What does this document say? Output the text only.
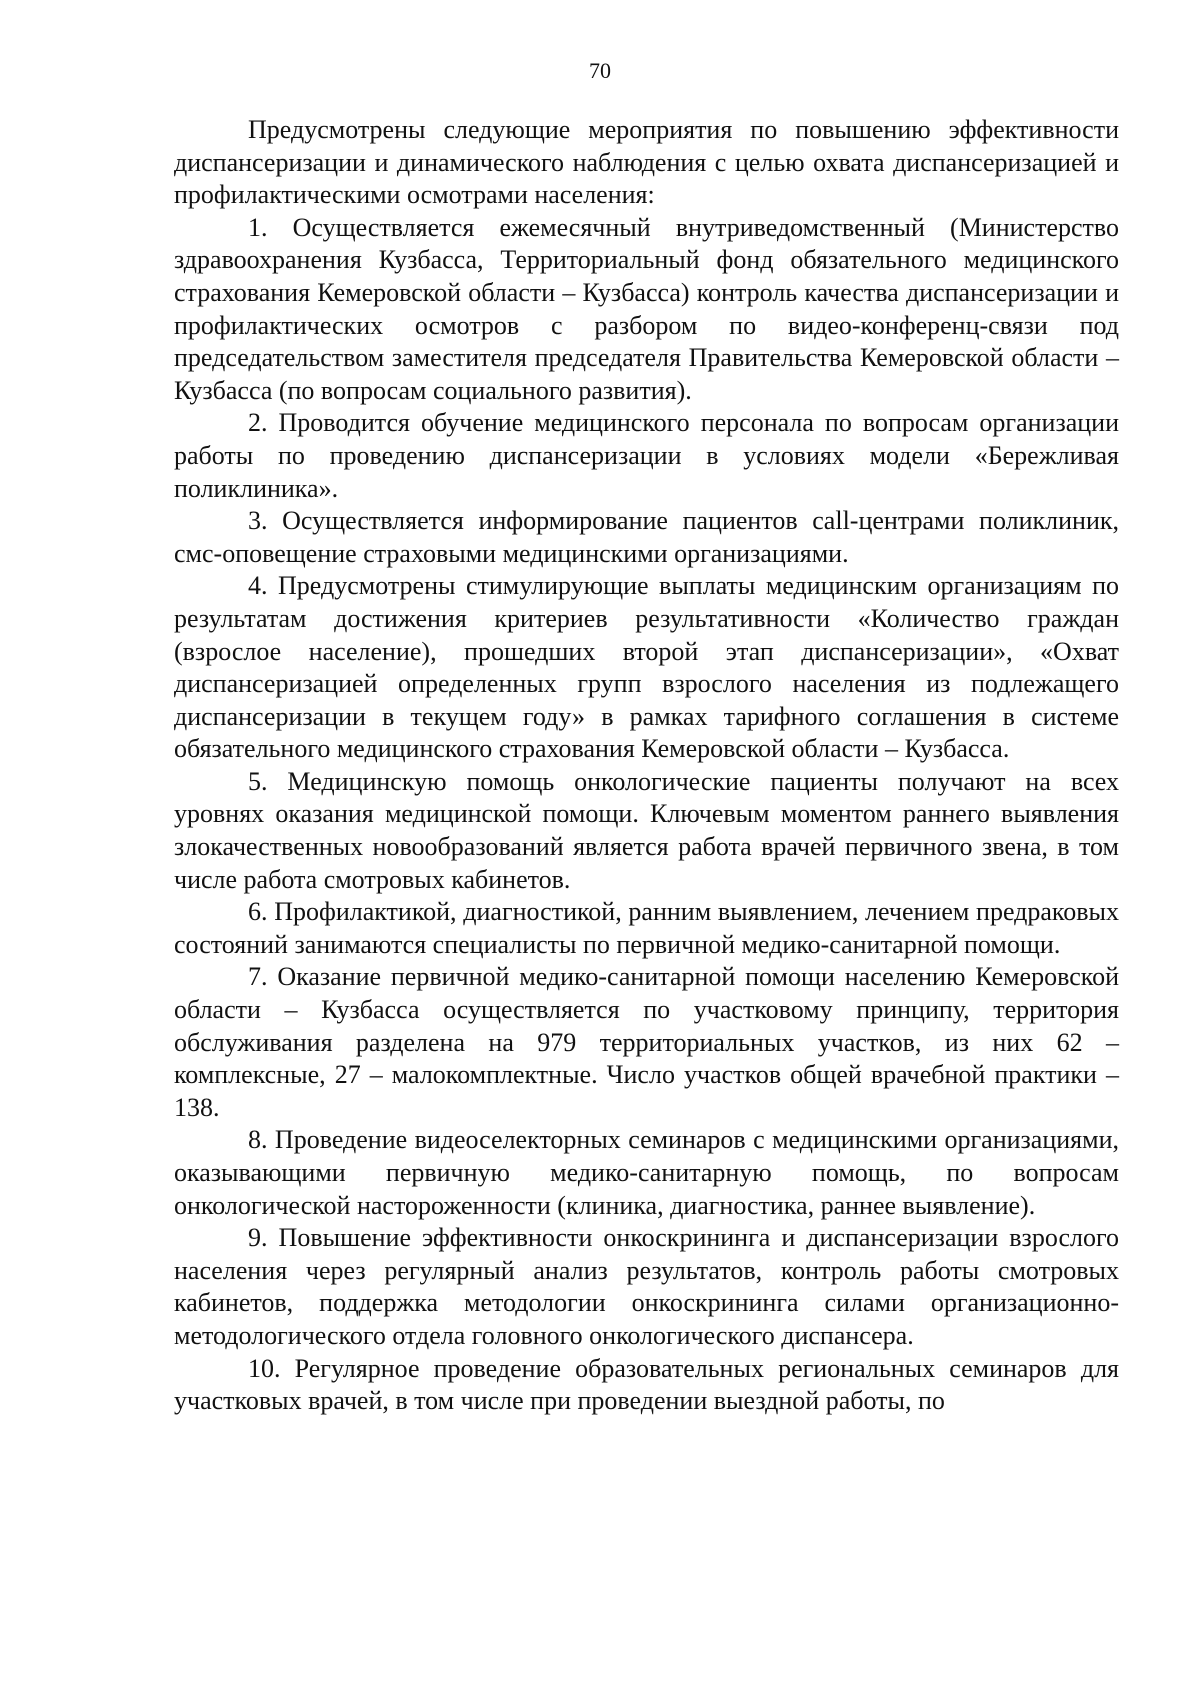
70

Предусмотрены следующие мероприятия по повышению эффективности диспансеризации и динамического наблюдения с целью охвата диспансеризацией и профилактическими осмотрами населения:

1. Осуществляется ежемесячный внутриведомственный (Министерство здравоохранения Кузбасса, Территориальный фонд обязательного медицинского страхования Кемеровской области – Кузбасса) контроль качества диспансеризации и профилактических осмотров с разбором по видео-конференц-связи под председательством заместителя председателя Правительства Кемеровской области – Кузбасса (по вопросам социального развития).

2. Проводится обучение медицинского персонала по вопросам организации работы по проведению диспансеризации в условиях модели «Бережливая поликлиника».

3. Осуществляется информирование пациентов call-центрами поликлиник, смс-оповещение страховыми медицинскими организациями.

4. Предусмотрены стимулирующие выплаты медицинским организациям по результатам достижения критериев результативности «Количество граждан (взрослое население), прошедших второй этап диспансеризации», «Охват диспансеризацией определенных групп взрослого населения из подлежащего диспансеризации в текущем году» в рамках тарифного соглашения в системе обязательного медицинского страхования Кемеровской области – Кузбасса.

5. Медицинскую помощь онкологические пациенты получают на всех уровнях оказания медицинской помощи. Ключевым моментом раннего выявления злокачественных новообразований является работа врачей первичного звена, в том числе работа смотровых кабинетов.

6. Профилактикой, диагностикой, ранним выявлением, лечением предраковых состояний занимаются специалисты по первичной медико-санитарной помощи.

7. Оказание первичной медико-санитарной помощи населению Кемеровской области – Кузбасса осуществляется по участковому принципу, территория обслуживания разделена на 979 территориальных участков, из них 62 – комплексные, 27 – малокомплектные. Число участков общей врачебной практики – 138.

8. Проведение видеоселекторных семинаров с медицинскими организациями, оказывающими первичную медико-санитарную помощь, по вопросам онкологической настороженности (клиника, диагностика, раннее выявление).

9. Повышение эффективности онкоскрининга и диспансеризации взрослого населения через регулярный анализ результатов, контроль работы смотровых кабинетов, поддержка методологии онкоскрининга силами организационно-методологического отдела головного онкологического диспансера.

10. Регулярное проведение образовательных региональных семинаров для участковых врачей, в том числе при проведении выездной работы, по
